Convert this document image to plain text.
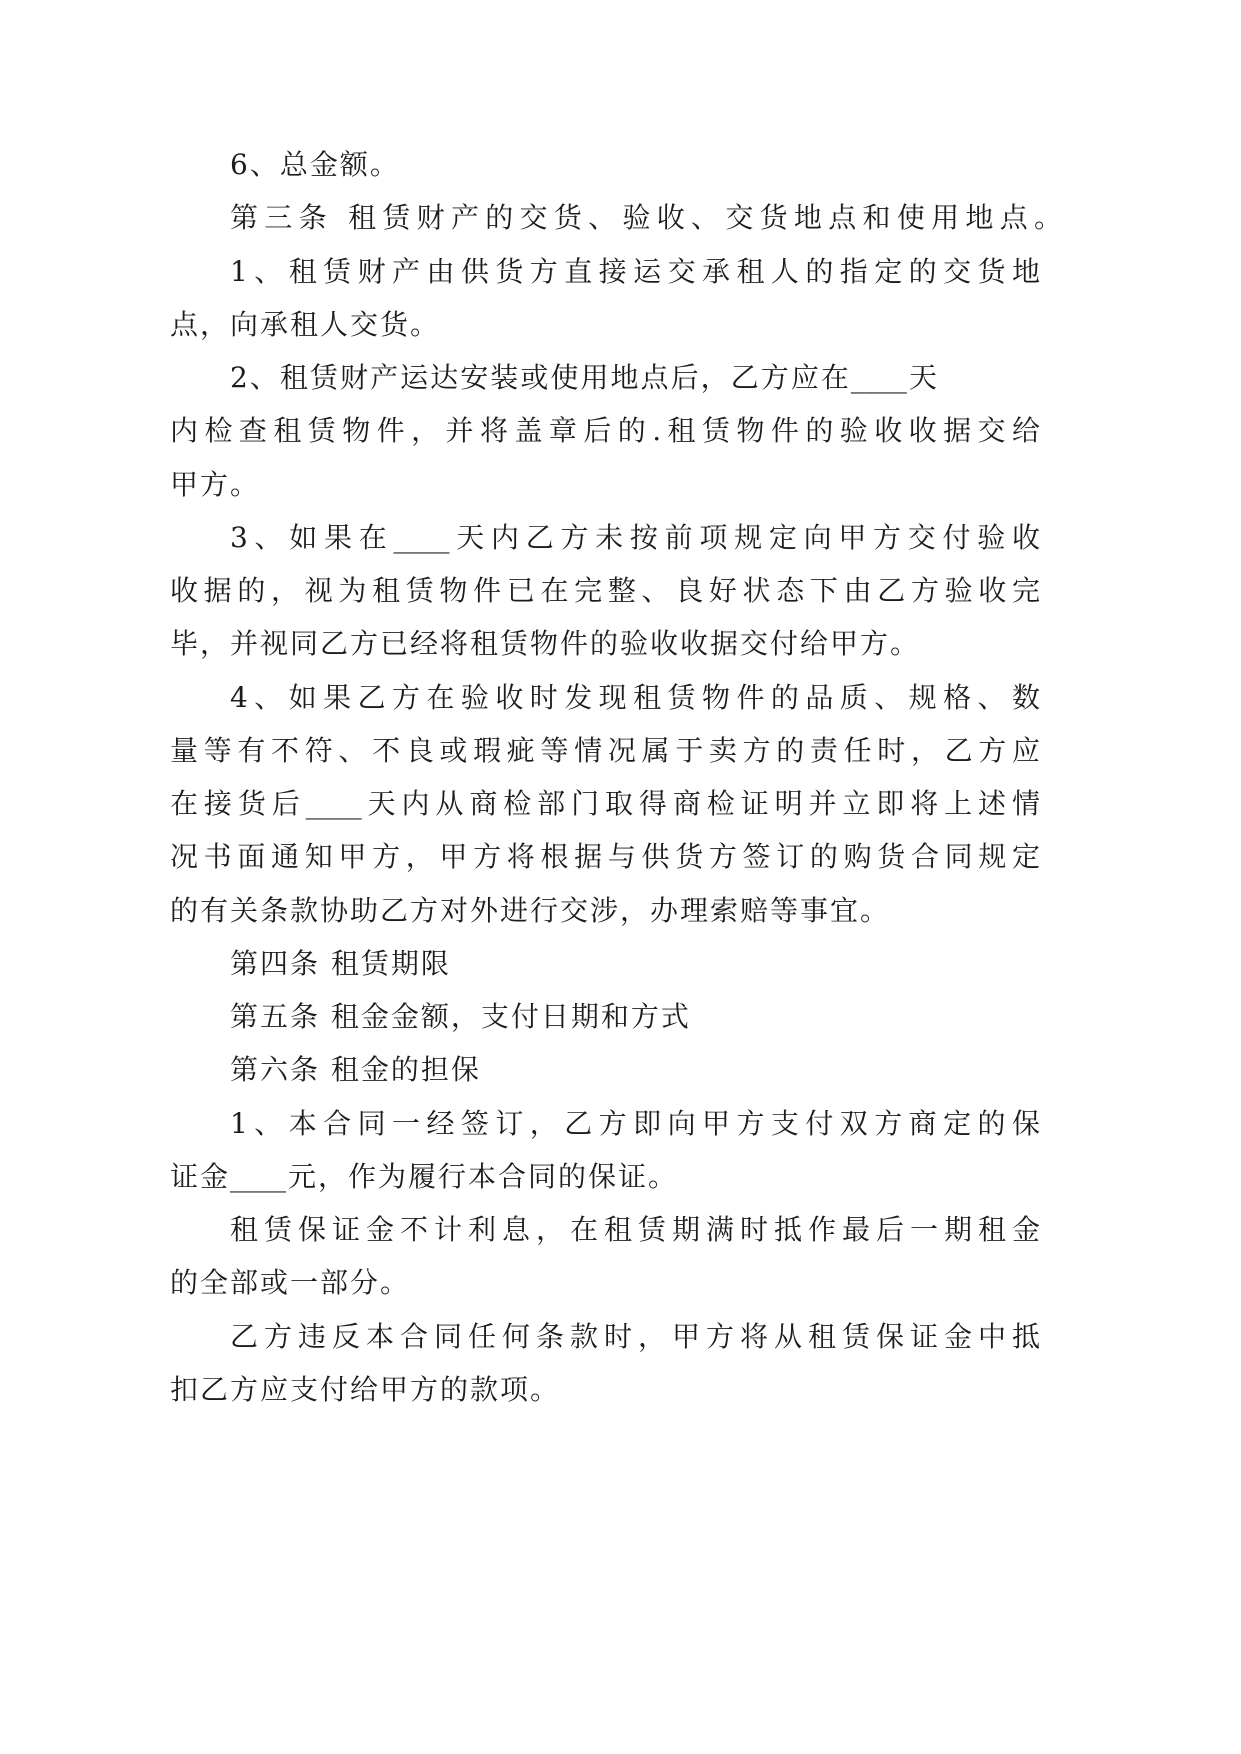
6、总金额。
第三条 租赁财产的交货、验收、交货地点和使用地点。
1、租赁财产由供货方直接运交承租人的指定的交货地
点，向承租人交货。
2、租赁财产运达安装或使用地点后，乙方应在____天
内检查租赁物件，并将盖章后的.租赁物件的验收收据交给
甲方。
3、如果在____ 天内乙方未按前项规定向甲方交付验收
收据的，视为租赁物件已在完整、良好状态下由乙方验收完
毕，并视同乙方已经将租赁物件的验收收据交付给甲方。
4、如果乙方在验收时发现租赁物件的品质、规格、数
量等有不符、不良或瑕疵等情况属于卖方的责任时，乙方应
在接货后____ 天内从商检部门取得商检证明并立即将上述情
况书面通知甲方，甲方将根据与供货方签订的购货合同规定
的有关条款协助乙方对外进行交涉，办理索赔等事宜。
第四条 租赁期限
第五条 租金金额，支付日期和方式
第六条 租金的担保
1、本合同一经签订，乙方即向甲方支付双方商定的保
证金____元，作为履行本合同的保证。
租赁保证金不计利息，在租赁期满时抵作最后一期租金
的全部或一部分。
乙方违反本合同任何条款时，甲方将从租赁保证金中抵
扣乙方应支付给甲方的款项。
